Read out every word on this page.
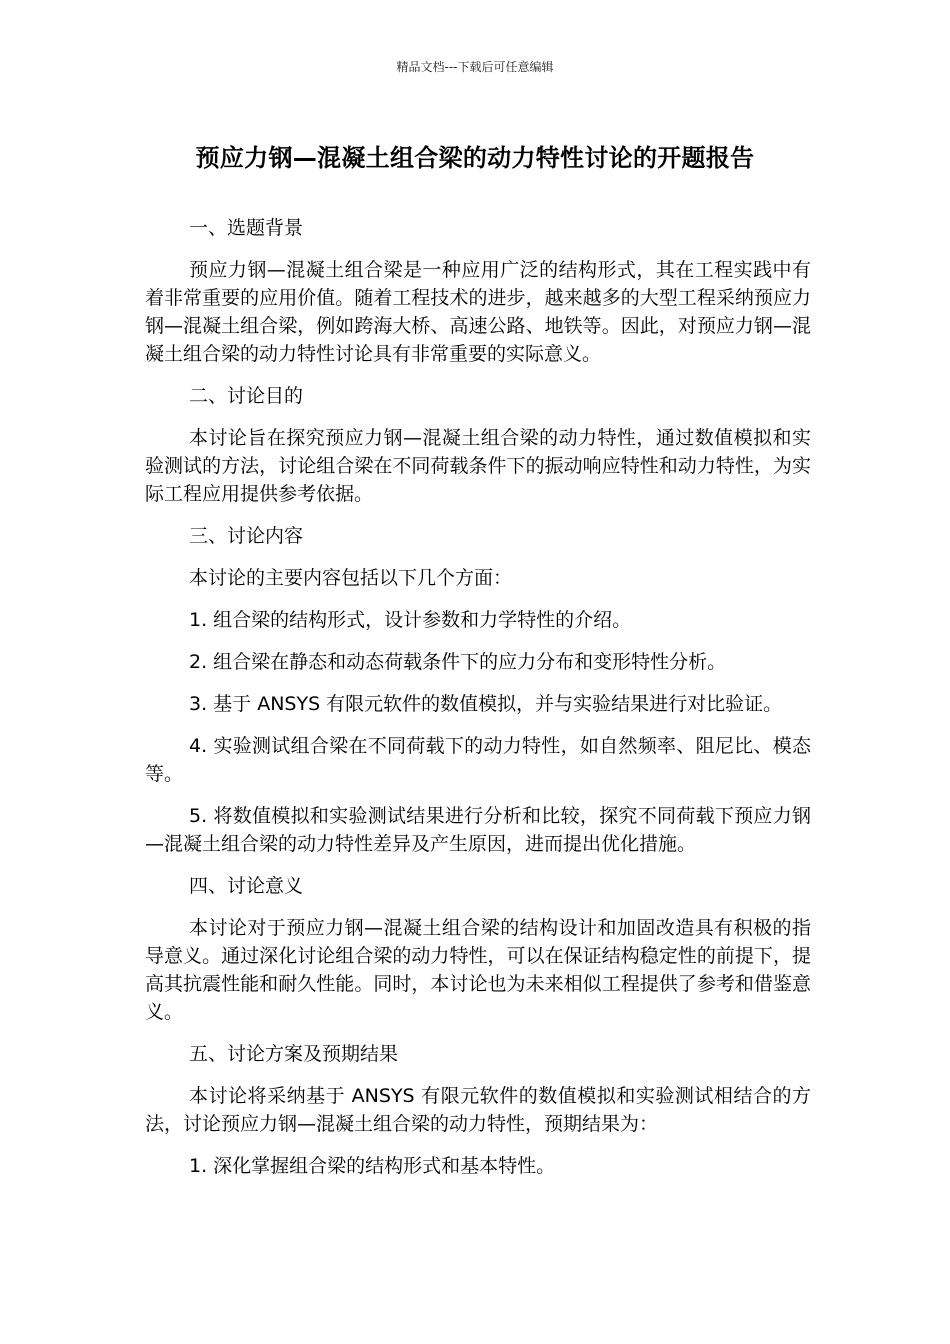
精品文档---下载后可任意编辑
预应力钢—混凝土组合梁的动力特性讨论的开题报告

一、选题背景

预应力钢—混凝土组合梁是一种应用广泛的结构形式，其在工程实践中有着非常重要的应用价值。随着工程技术的进步，越来越多的大型工程采纳预应力钢—混凝土组合梁，例如跨海大桥、高速公路、地铁等。因此，对预应力钢—混凝土组合梁的动力特性讨论具有非常重要的实际意义。

二、讨论目的

本讨论旨在探究预应力钢—混凝土组合梁的动力特性，通过数值模拟和实验测试的方法，讨论组合梁在不同荷载条件下的振动响应特性和动力特性，为实际工程应用提供参考依据。

三、讨论内容

本讨论的主要内容包括以下几个方面：

1. 组合梁的结构形式，设计参数和力学特性的介绍。

2. 组合梁在静态和动态荷载条件下的应力分布和变形特性分析。

3. 基于 ANSYS 有限元软件的数值模拟，并与实验结果进行对比验证。

4. 实验测试组合梁在不同荷载下的动力特性，如自然频率、阻尼比、模态等。

5. 将数值模拟和实验测试结果进行分析和比较，探究不同荷载下预应力钢—混凝土组合梁的动力特性差异及产生原因，进而提出优化措施。

四、讨论意义

本讨论对于预应力钢—混凝土组合梁的结构设计和加固改造具有积极的指导意义。通过深化讨论组合梁的动力特性，可以在保证结构稳定性的前提下，提高其抗震性能和耐久性能。同时，本讨论也为未来相似工程提供了参考和借鉴意义。

五、讨论方案及预期结果

本讨论将采纳基于 ANSYS 有限元软件的数值模拟和实验测试相结合的方法，讨论预应力钢—混凝土组合梁的动力特性，预期结果为：

1. 深化掌握组合梁的结构形式和基本特性。
